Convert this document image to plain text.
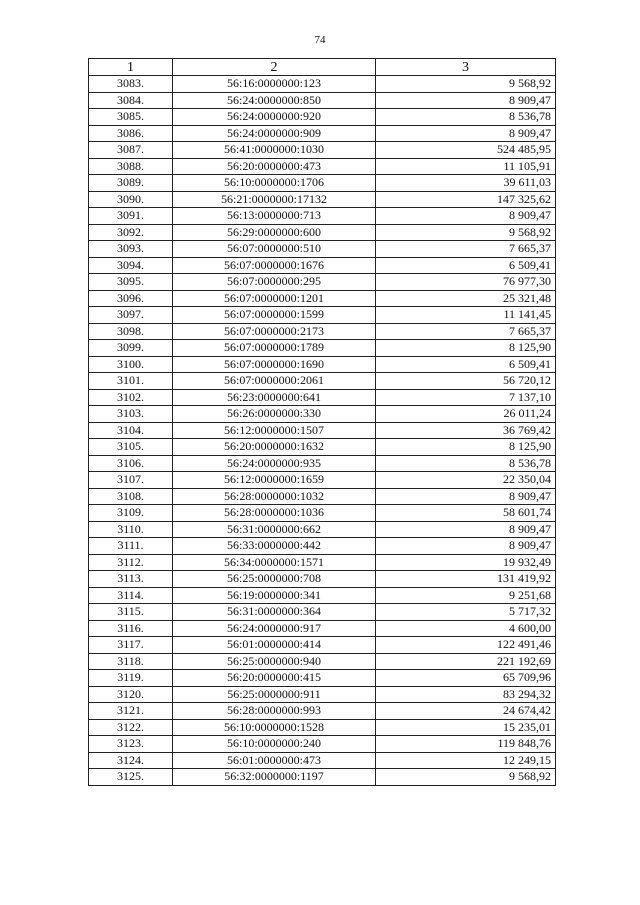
74
1	2	3
3083.	56:16:0000000:123	9 568,92
3084.	56:24:0000000:850	8 909,47
3085.	56:24:0000000:920	8 536,78
3086.	56:24:0000000:909	8 909,47
3087.	56:41:0000000:1030	524 485,95
3088.	56:20:0000000:473	11 105,91
3089.	56:10:0000000:1706	39 611,03
3090.	56:21:0000000:17132	147 325,62
3091.	56:13:0000000:713	8 909,47
3092.	56:29:0000000:600	9 568,92
3093.	56:07:0000000:510	7 665,37
3094.	56:07:0000000:1676	6 509,41
3095.	56:07:0000000:295	76 977,30
3096.	56:07:0000000:1201	25 321,48
3097.	56:07:0000000:1599	11 141,45
3098.	56:07:0000000:2173	7 665,37
3099.	56:07:0000000:1789	8 125,90
3100.	56:07:0000000:1690	6 509,41
3101.	56:07:0000000:2061	56 720,12
3102.	56:23:0000000:641	7 137,10
3103.	56:26:0000000:330	26 011,24
3104.	56:12:0000000:1507	36 769,42
3105.	56:20:0000000:1632	8 125,90
3106.	56:24:0000000:935	8 536,78
3107.	56:12:0000000:1659	22 350,04
3108.	56:28:0000000:1032	8 909,47
3109.	56:28:0000000:1036	58 601,74
3110.	56:31:0000000:662	8 909,47
3111.	56:33:0000000:442	8 909,47
3112.	56:34:0000000:1571	19 932,49
3113.	56:25:0000000:708	131 419,92
3114.	56:19:0000000:341	9 251,68
3115.	56:31:0000000:364	5 717,32
3116.	56:24:0000000:917	4 600,00
3117.	56:01:0000000:414	122 491,46
3118.	56:25:0000000:940	221 192,69
3119.	56:20:0000000:415	65 709,96
3120.	56:25:0000000:911	83 294,32
3121.	56:28:0000000:993	24 674,42
3122.	56:10:0000000:1528	15 235,01
3123.	56:10:0000000:240	119 848,76
3124.	56:01:0000000:473	12 249,15
3125.	56:32:0000000:1197	9 568,92
